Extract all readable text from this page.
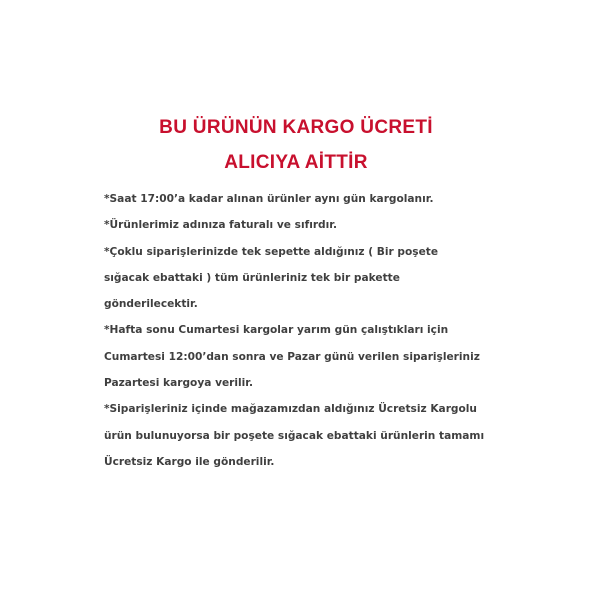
BU ÜRÜNÜN KARGO ÜCRETİ
ALICIYA AİTTİR
*Saat 17:00’a kadar alınan ürünler aynı gün kargolanır.
*Ürünlerimiz adınıza faturalı ve sıfırdır.
*Çoklu siparişlerinizde tek sepette aldığınız ( Bir poşete
sığacak ebattaki ) tüm ürünleriniz tek bir pakette
gönderilecektir.
*Hafta sonu Cumartesi kargolar yarım gün çalıştıkları için
Cumartesi 12:00’dan sonra ve Pazar günü verilen siparişleriniz
Pazartesi kargoya verilir.
*Siparişleriniz içinde mağazamızdan aldığınız Ücretsiz Kargolu
ürün bulunuyorsa bir poşete sığacak ebattaki ürünlerin tamamı
Ücretsiz Kargo ile gönderilir.
